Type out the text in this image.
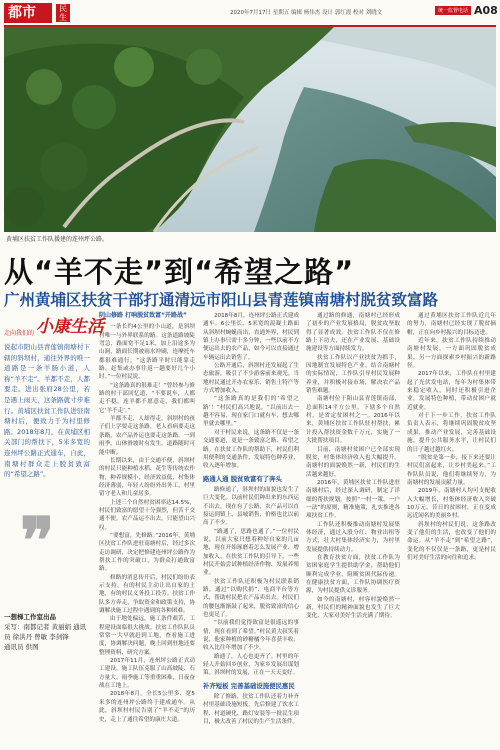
都市	民生	2020年7月17日 星期五 编辑 杨伟杰 设计 郭红霞 校对 刘晓文	统一监督电话 A08
黄埔区扶贫工作队援建的连州坪公路。
从“羊不走”到“希望之路”
广州黄埔区扶贫干部打通清远市阳山县青莲镇南塘村脱贫致富路
走向我们的 小康生活
说起市阳山县青莲镇南塘村下辖的斜坝村，通往外界的唯一道路是一条羊肠小道，人称“羊不走”。羊都不走，人都要走。进出张府28公里，若是遇上雨天，这条路就寸步难行。黄埔区扶贫工作队进驻南塘村后，便致力于为村里修路。2018年8月，在黄埔区相关部门的帮扶下，5米多宽的连州坪公路正式通车，自此，南塘村群众走上脱贫致富的“希望之路”。
❞
一想梯工作室出品
采写：南都记者 黄丽娟 通讯员 徐洪丹 曾敏 李剑锋
通讯员 供图

阴山修路 打响脱贫致富“开路战”

一条长约4公里的小山道，是斜坝村唯一与外界联系的路。这条道路坡陡弯急，路面宽不足1米，加上沿途多为山涧，路面长期被雨水冲刷，连摩托车都很难通行。“这条路平时只能靠走路，赶集或办事往返一趟要好几个小时。”一位村民说。

“这条路真的很难走！”曾经参与修路的村干部回忆道，“不要说车，人都走不稳，连羊都不愿意走，我们都叫它‘羊不走’。”

羊都不走，人却得走。斜坝村的孩子们上学要走这条路，老人看病要走这条路，农产品外运也要走这条路。一到雨季，山体滑坡时有发生，道路随时可能中断。

长期以来，由于交通不便，斜坝村的村民只能种植水稻、花生等传统农作物，种养规模小，经济效益低，村集体经济薄弱，年轻人纷纷外出务工，村里留守老人和儿童居多。

上述三个自然村贫困率达14.5%，村民们致富的愿望十分强烈，但苦于交通不便，农产品运不出去，只能望山兴叹。

“要想富，先修路。”2016年，黄埔区扶贫工作队进驻南塘村后，经过多次走访调研，决定把修建连州坪公路作为帮扶工作的突破口，为群众打通致富路。

修路的消息传开后，村民们纷纷表示支持。有的村民主动让出自家的土地，有的村民义务投工投劳。扶贫工作队多方奔走，争取资金和政策支持，协调解决施工过程中遇到的各种困难。

由于地处偏远，施工条件艰苦，工程建设面临很大挑战。扶贫工作队队员常常一大早就赶到工地，查看施工进度，协调解决问题，晚上回到驻地还要整理资料、研究方案。

2017年11月，连州坪公路正式动工建设。施工队伍克服了山高坡陡、石方量大、雨季施工等重重困难，日夜奋战在工地上。

2018年8月，全长5公里多、宽5米多的连州坪公路终于建成通车。从此，斜坝村村民告别了“羊不走”的历史，走上了通往希望的康庄大道。

2018年8月，连州坪公路正式建成通车。6公里长、5米宽的混凝土路面从斜坝村蜿蜒而出，直通外界，村民到镇上办事只需十多分钟，一些以前不方便运出去的农产品，如今可以直接通过车辆运出去销售了。

公路开通后，斜坝村还发展起了生态旅游，吸引了不少游客前来观光。当地村民通过开办农家乐、销售土特产等方式增加收入。

“这条路真的是我们的‘希望之路’！”村民们高兴地说。“以前出去一趟不容易，现在家门口就有车，想去哪里就去哪里。”

对于村民来说，这条路不仅是一条交通要道，更是一条致富之路、希望之路。在扶贫工作队的帮助下，村民们利用便利的交通条件，发展特色种养业，收入逐年增加。

路通人通 脱贫致富有了奔头

路修通了，斜坝村的面貌也发生了巨大变化。以前村民们种出来的东西运不出去，现在有了公路，农产品可以直接运到镇上、县城销售，价格也比以前高了不少。

“路通了，思路也通了。”一位村民说，以前大家只想着种好自家的几亩地，现在开始琢磨着怎么发展产业、增加收入。在扶贫工作队的引导下，一些村民开始尝试种植经济作物、发展养殖业。

扶贫工作队还积极为村民联系销路，通过“以购代捐”、电商平台等方式，帮助村民把农产品卖出去。村民们的腰包渐渐鼓了起来，脱贫致富的信心也更足了。

“以前我们觉得致富是很遥远的事情，现在看到了希望。”村民黄大叔笑着说，他家种植的砂糖橘今年喜获丰收，收入比往年增加了不少。

路通了，人心也更齐了。村里的年轻人开始回乡创业，为家乡发展出谋划策。斜坝村的发展，正在一天天变好。

补齐短板 完善基础设施便民惠民

除了修路，扶贫工作队还着力补齐村里基础设施短板，先后修建了饮水工程、村道硬化、路灯安装等一批民生项目，极大改善了村民的生产生活条件。

通过路的修通，南塘村已经形成了初步的产业发展格局，脱贫攻坚取得了显著成效。扶贫工作队不仅在修路上下功夫，还在产业发展、基础设施建设等方面持续发力。

扶贫工作队以产业扶贫为抓手，因地制宜发展特色产业。结合南塘村的实际情况，工作队引导村民发展种养业，并积极对接市场，解决农产品销售难题。

南塘村位于阳山县青莲镇南部，总面积14平方公里，下辖多个自然村，是省定贫困村之一。2016年以来，黄埔区扶贫工作队驻村帮扶，累计投入帮扶资金数千万元，实施了一大批帮扶项目。

目前，南塘村贫困户已全部实现脱贫，村集体经济收入也大幅提升。南塘村的面貌焕然一新，村民们的生活越来越好。

2016年，黄埔区扶贫工作队进驻南塘村后，经过深入调研，制定了详细的帮扶规划，按照“一村一策、一户一法”的原则，精准施策，扎实推进各项扶贫工作。

工作队还积极推动南塘村发展集体经济，通过入股分红、物业出租等方式，壮大村集体经济实力，为村里发展提供持续动力。

在教育扶贫方面，扶贫工作队为贫困家庭学生提供助学金，帮助他们顺利完成学业，阻断贫困代际传递。在健康扶贫方面，工作队协调医疗资源，为村民提供义诊服务。

如今的南塘村，村容村貌焕然一新，村民们的精神面貌也发生了巨大变化，大家对美好生活充满了期待。

通过黄埔区扶贫工作队近几年的努力，南塘村已经实现了脱贫摘帽，正在向乡村振兴的目标迈进。

近年来，扶贫工作队持续推动南塘村发展，一方面巩固脱贫成果，另一方面探索乡村振兴的新路径。

2017年以来，工作队在村里建起了光伏发电站，每年为村集体带来稳定收入，同时还积极引进企业，发展特色种植，带动贫困户就近就业。

对于下一步工作，扶贫工作队负责人表示，将继续巩固脱贫攻坚成果，推动产业发展，完善基础设施，提升公共服务水平，让村民们的日子越过越红火。

“脱贫是第一步，接下来还要让村民们富起来，让乡村美起来。”工作队队员说，他们将继续努力，为南塘村的发展贡献力量。

2019年，南塘村人均可支配收入大幅增长，村集体经济收入突破10万元。昔日的贫困村，正在变成远近闻名的美丽乡村。

斜坝村的村民们说，这条路改变了他们的生活，也改变了他们的命运。从“羊不走”到“希望之路”，变化的不仅仅是一条路，更是村民们对美好生活的向往和追求。
